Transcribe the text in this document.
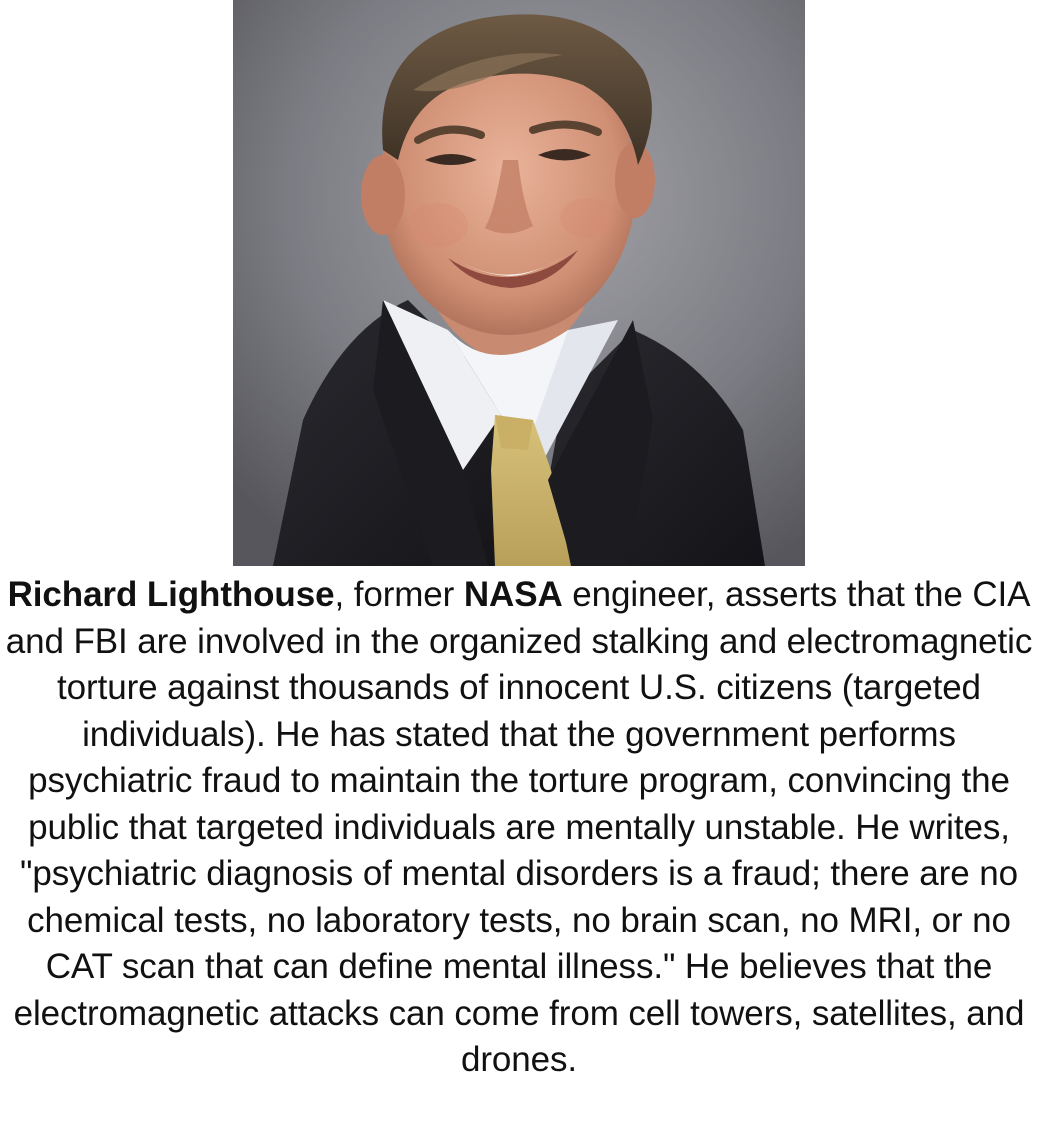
Richard Lighthouse, former NASA engineer, asserts that the CIA and FBI are involved in the organized stalking and electromagnetic torture against thousands of innocent U.S. citizens (targeted individuals). He has stated that the government performs psychiatric fraud to maintain the torture program, convincing the public that targeted individuals are mentally unstable. He writes, "psychiatric diagnosis of mental disorders is a fraud; there are no chemical tests, no laboratory tests, no brain scan, no MRI, or no CAT scan that can define mental illness." He believes that the electromagnetic attacks can come from cell towers, satellites, and drones.
